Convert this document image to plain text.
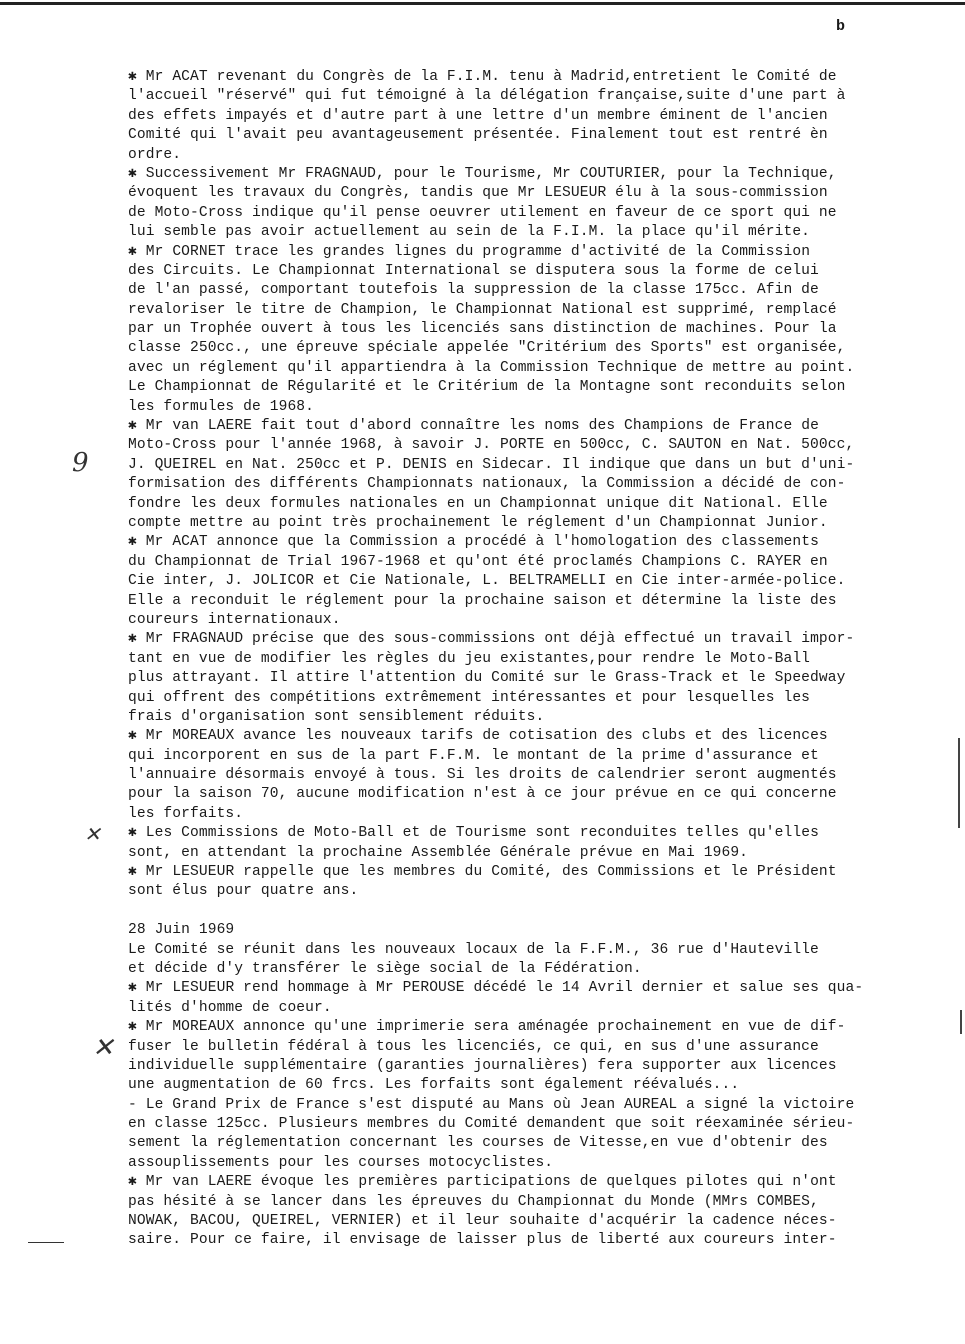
b
9
✕
✕
✱ Mr ACAT revenant du Congrès de la F.I.M. tenu à Madrid,entretient le Comité de
l'accueil "réservé" qui fut témoigné à la délégation française,suite d'une part à
des effets impayés et d'autre part à une lettre d'un membre éminent de l'ancien
Comité qui l'avait peu avantageusement présentée. Finalement tout est rentré èn
ordre.
✱ Successivement Mr FRAGNAUD, pour le Tourisme, Mr COUTURIER, pour la Technique,
évoquent les travaux du Congrès, tandis que Mr LESUEUR élu à la sous-commission
de Moto-Cross indique qu'il pense oeuvrer utilement en faveur de ce sport qui ne
lui semble pas avoir actuellement au sein de la F.I.M. la place qu'il mérite.
✱ Mr CORNET trace les grandes lignes du programme d'activité de la Commission
des Circuits. Le Championnat International se disputera sous la forme de celui
de l'an passé, comportant toutefois la suppression de la classe 175cc. Afin de
revaloriser le titre de Champion, le Championnat National est supprimé, remplacé
par un Trophée ouvert à tous les licenciés sans distinction de machines. Pour la
classe 250cc., une épreuve spéciale appelée "Critérium des Sports" est organisée,
avec un réglement qu'il appartiendra à la Commission Technique de mettre au point.
Le Championnat de Régularité et le Critérium de la Montagne sont reconduits selon
les formules de 1968.
✱ Mr van LAERE fait tout d'abord connaître les noms des Champions de France de
Moto-Cross pour l'année 1968, à savoir J. PORTE en 500cc, C. SAUTON en Nat. 500cc,
J. QUEIREL en Nat. 250cc et P. DENIS en Sidecar. Il indique que dans un but d'uni-
formisation des différents Championnats nationaux, la Commission a décidé de con-
fondre les deux formules nationales en un Championnat unique dit National. Elle
compte mettre au point très prochainement le réglement d'un Championnat Junior.
✱ Mr ACAT annonce que la Commission a procédé à l'homologation des classements
du Championnat de Trial 1967-1968 et qu'ont été proclamés Champions C. RAYER en
Cie inter, J. JOLICOR et Cie Nationale, L. BELTRAMELLI en Cie inter-armée-police.
Elle a reconduit le réglement pour la prochaine saison et détermine la liste des
coureurs internationaux.
✱ Mr FRAGNAUD précise que des sous-commissions ont déjà effectué un travail impor-
tant en vue de modifier les règles du jeu existantes,pour rendre le Moto-Ball
plus attrayant. Il attire l'attention du Comité sur le Grass-Track et le Speedway
qui offrent des compétitions extrêmement intéressantes et pour lesquelles les
frais d'organisation sont sensiblement réduits.
✱ Mr MOREAUX avance les nouveaux tarifs de cotisation des clubs et des licences
qui incorporent en sus de la part F.F.M. le montant de la prime d'assurance et
l'annuaire désormais envoyé à tous. Si les droits de calendrier seront augmentés
pour la saison 70, aucune modification n'est à ce jour prévue en ce qui concerne
les forfaits.
✱ Les Commissions de Moto-Ball et de Tourisme sont reconduites telles qu'elles
sont, en attendant la prochaine Assemblée Générale prévue en Mai 1969.
✱ Mr LESUEUR rappelle que les membres du Comité, des Commissions et le Président
sont élus pour quatre ans.
28 Juin 1969
Le Comité se réunit dans les nouveaux locaux de la F.F.M., 36 rue d'Hauteville
et décide d'y transférer le siège social de la Fédération.
✱ Mr LESUEUR rend hommage à Mr PEROUSE décédé le 14 Avril dernier et salue ses qua-
lités d'homme de coeur.
✱ Mr MOREAUX annonce qu'une imprimerie sera aménagée prochainement en vue de dif-
fuser le bulletin fédéral à tous les licenciés, ce qui, en sus d'une assurance
individuelle supplémentaire (garanties journalières) fera supporter aux licences
une augmentation de 60 frcs. Les forfaits sont également réévalués...
- Le Grand Prix de France s'est disputé au Mans où Jean AUREAL a signé la victoire
en classe 125cc. Plusieurs membres du Comité demandent que soit réexaminée sérieu-
sement la réglementation concernant les courses de Vitesse,en vue d'obtenir des
assouplissements pour les courses motocyclistes.
✱ Mr van LAERE évoque les premières participations de quelques pilotes qui n'ont
pas hésité à se lancer dans les épreuves du Championnat du Monde (MMrs COMBES,
NOWAK, BACOU, QUEIREL, VERNIER) et il leur souhaite d'acquérir la cadence néces-
saire. Pour ce faire, il envisage de laisser plus de liberté aux coureurs inter-
